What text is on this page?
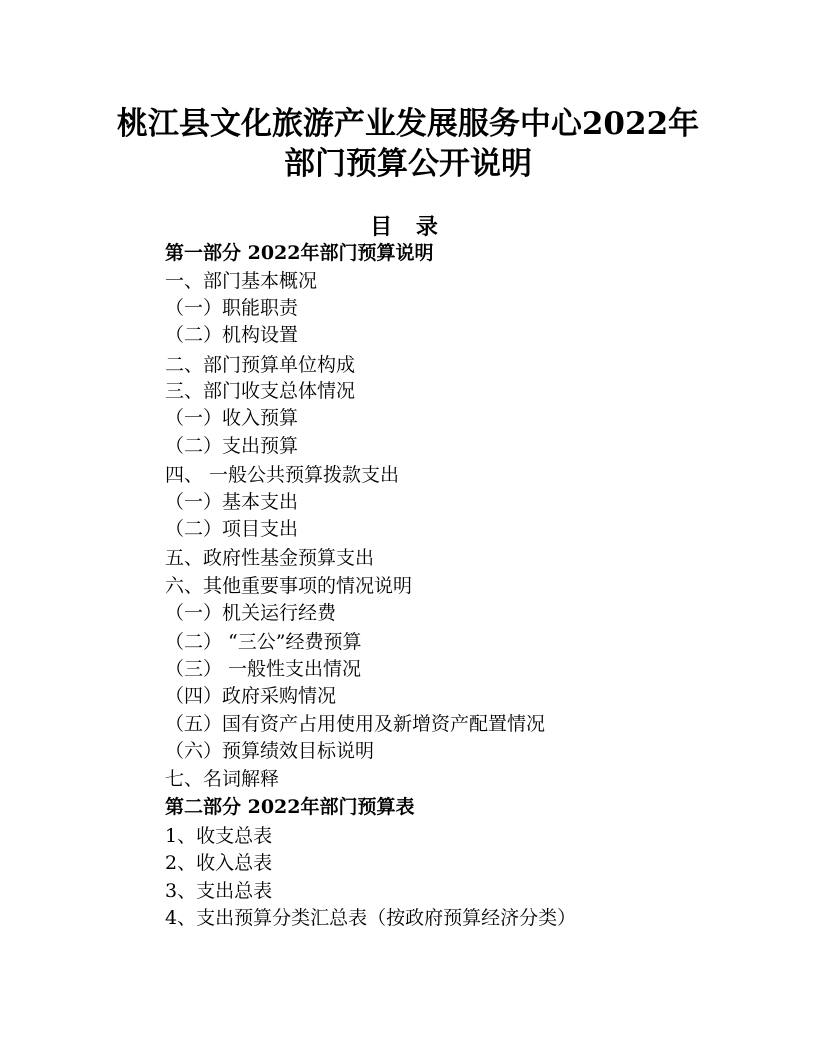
桃江县文化旅游产业发展服务中心2022年
部门预算公开说明
目 录
第一部分 2022年部门预算说明
一、部门基本概况
（一）职能职责
（二）机构设置
二、部门预算单位构成
三、部门收支总体情况
（一）收入预算
（二）支出预算
四、 一般公共预算拨款支出
（一）基本支出
（二）项目支出
五、政府性基金预算支出
六、其他重要事项的情况说明
（一）机关运行经费
（二） “三公”经费预算
（三） 一般性支出情况
（四）政府采购情况
（五）国有资产占用使用及新增资产配置情况
（六）预算绩效目标说明
七、名词解释
第二部分 2022年部门预算表
1、收支总表
2、收入总表
3、支出总表
4、支出预算分类汇总表（按政府预算经济分类）
